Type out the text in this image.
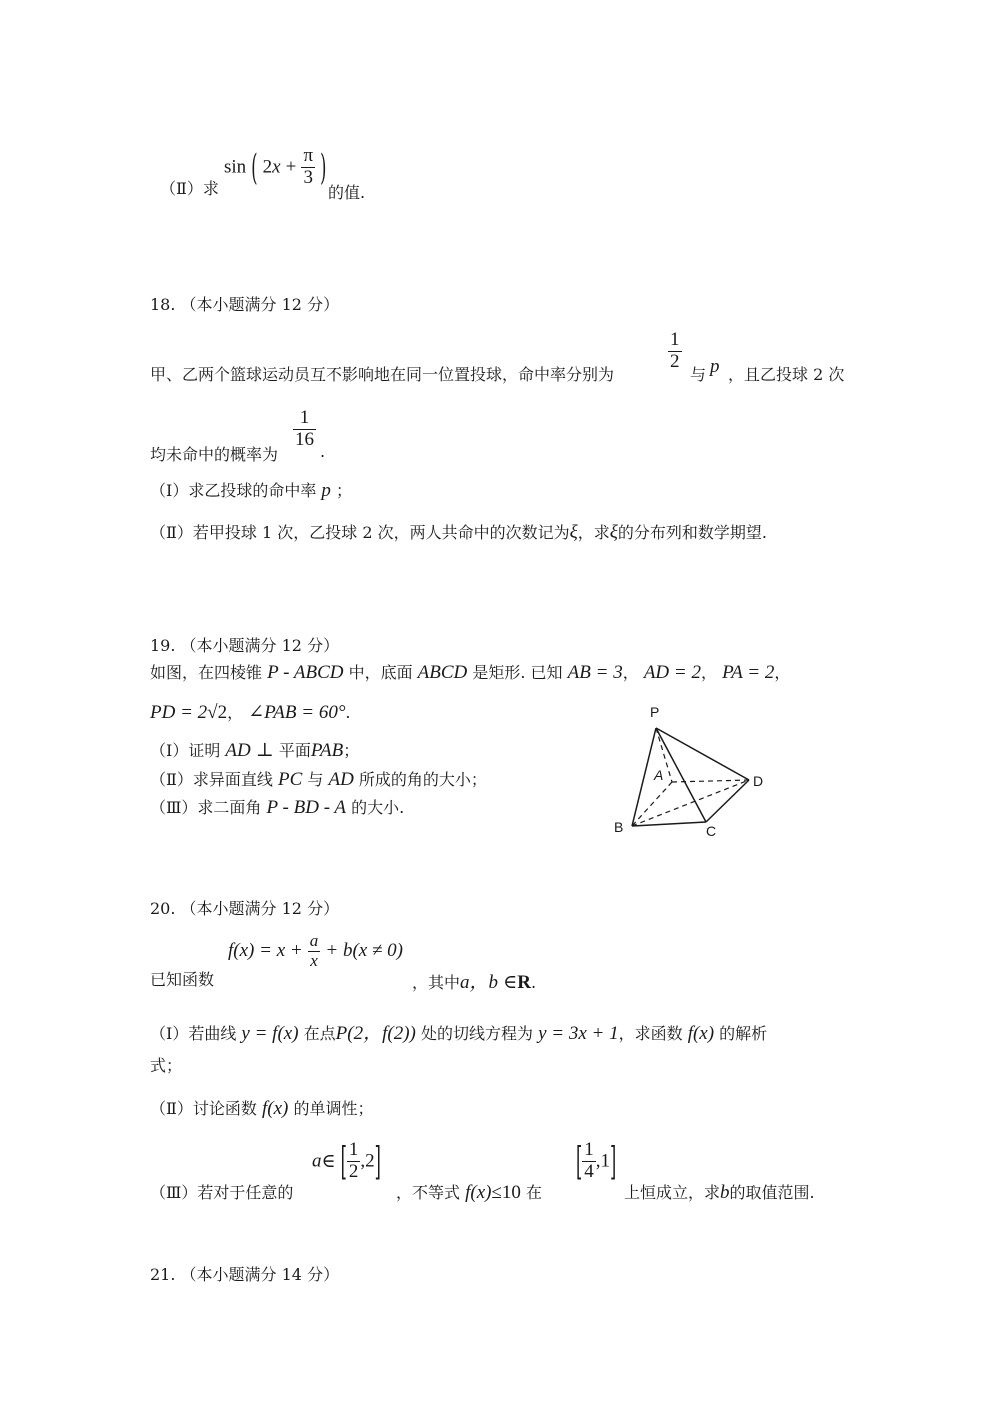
（Ⅱ）求
sin ( $2x + \frac{\pi}{3}$ )
的值.
18. （本小题满分 12 分）
甲、乙两个篮球运动员互不影响地在同一位置投球，命中率分别为
$\frac{1}{2}$
与 p ，且乙投球 2 次
均未命中的概率为
$\frac{1}{16}$
.
（Ⅰ）求乙投球的命中率 p ；
（Ⅱ）若甲投球 1 次，乙投球 2 次，两人共命中的次数记为ξ，求ξ的分布列和数学期望.
19. （本小题满分 12 分）
如图，在四棱锥 P - ABCD 中，底面 ABCD 是矩形. 已知 AB = 3， AD = 2， PA = 2，
PD = 2√2， ∠PAB = 60°.
（Ⅰ）证明 AD ⊥ 平面PAB；
（Ⅱ）求异面直线 PC 与 AD 所成的角的大小；
（Ⅲ）求二面角 P - BD - A 的大小.
P
A
B	C
D
20. （本小题满分 12 分）
已知函数
$f(x) = x + \frac{a}{x} + b(x \ne 0)$
，其中a，b ∈R.
（Ⅰ）若曲线 y = f(x) 在点P(2，f(2)) 处的切线方程为 y = 3x + 1，求函数 f(x) 的解析
式；
（Ⅱ）讨论函数 f(x) 的单调性；
（Ⅲ）若对于任意的
a∈ [ $\frac{1}{2} ,2$]
，不等式 f(x)≤10 在
[ $\frac{1}{4} ,1$]
上恒成立，求b的取值范围.
21. （本小题满分 14 分）
